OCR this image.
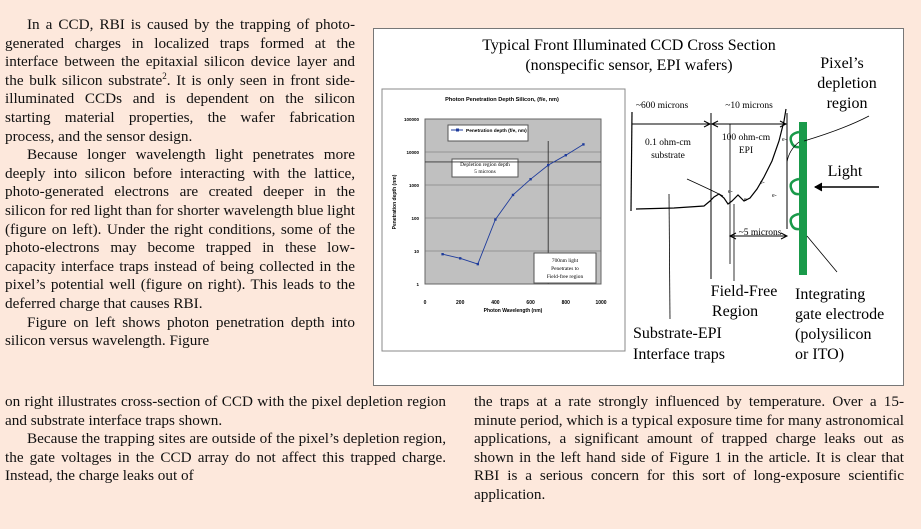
In a CCD, RBI is caused by the trapping of photo-generated charges in localized traps formed at the interface between the epitaxial silicon device layer and the bulk silicon substrate$^2$. It is only seen in front side-illuminated CCDs and is dependent on the silicon starting material properties, the wafer fabrication process, and the sensor design.

Because longer wavelength light penetrates more deeply into silicon before interacting with the lattice, photo-generated electrons are created deeper in the silicon for red light than for shorter wavelength blue light (figure on left). Under the right conditions, some of the photo-electrons may become trapped in these low-capacity interface traps instead of being collected in the pixel’s potential well (figure on right). This leads to the deferred charge that causes RBI.

Figure on left shows photon penetration depth into silicon versus wavelength. Figure

on right illustrates cross-section of CCD with the pixel depletion region and substrate interface traps shown.

Because the trapping sites are outside of the pixel’s depletion region, the gate voltages in the CCD array do not affect this trapped charge. Instead, the charge leaks out of

the traps at a rate strongly influenced by temperature. Over a 15-minute period, which is a typical exposure time for many astronomical applications, a significant amount of trapped charge leaks out as shown in the left hand side of Figure 1 in the article. It is clear that RBI is a serious concern for this sort of long-exposure scientific application.

Typical Front Illuminated CCD Cross Section
(nonspecific sensor, EPI wafers)	Pixel’s
depletion
region
Photon Penetration Depth Silicon, (f/e, nm)
1
10
100
1000
10000
100000
0	200	400	600	800	1000
Penetration depth (nm)
Photon Wavelength (nm)
Penetration depth (f/e, nm)
Depletion region depth
5 microns
700nm light
Penetrates to
Field-free region
~600 microns	~10 microns
0.1 ohm-cm
substrate
100 ohm-cm
EPI
e-
e-
e-
e-
e-
~5 microns
Light
Field-Free
Region
Substrate-EPI
Interface traps
Integrating
gate electrode
(polysilicon
or ITO)
